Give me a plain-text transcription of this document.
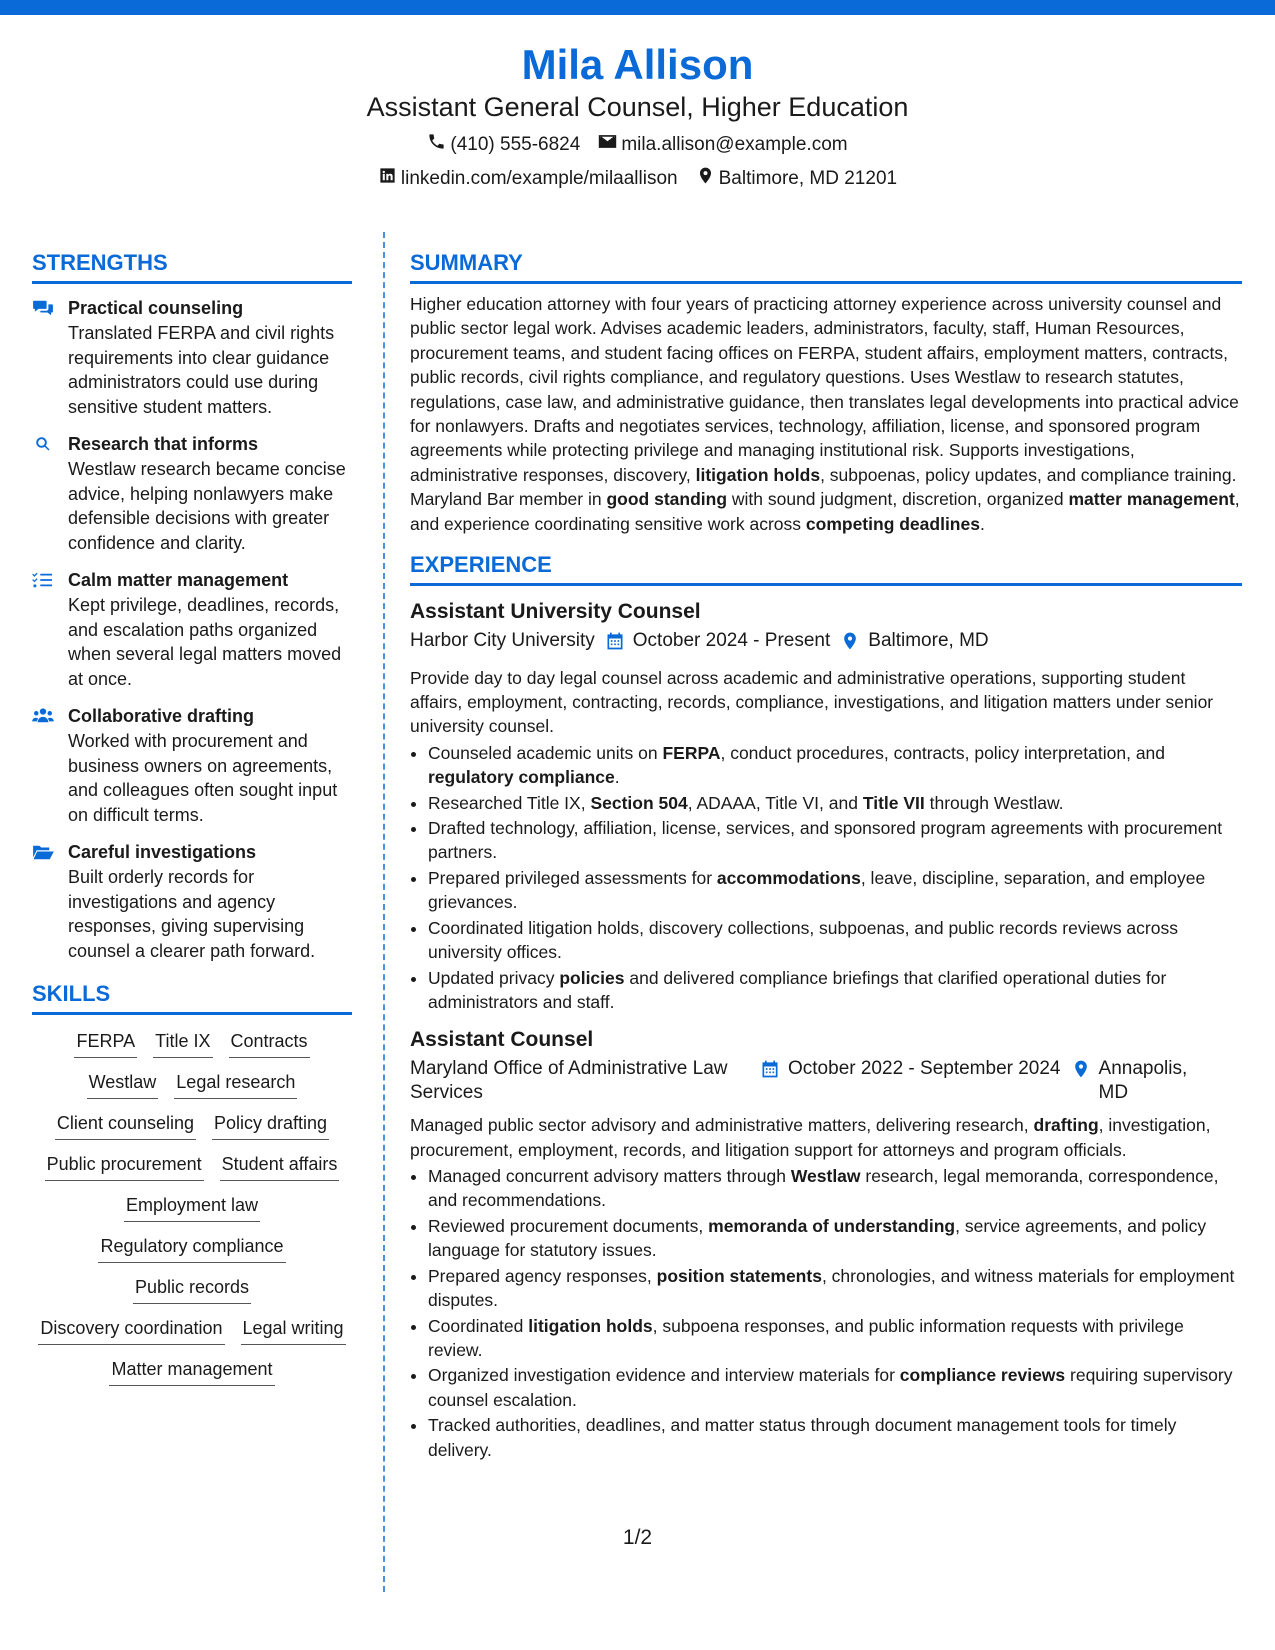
Mila Allison
Assistant General Counsel, Higher Education
(410) 555-6824 mila.allison@example.com
linkedin.com/example/milaallison Baltimore, MD 21201
STRENGTHS
Practical counseling
Translated FERPA and civil rights requirements into clear guidance administrators could use during sensitive student matters.
Research that informs
Westlaw research became concise advice, helping nonlawyers make defensible decisions with greater confidence and clarity.
Calm matter management
Kept privilege, deadlines, records, and escalation paths organized when several legal matters moved at once.
Collaborative drafting
Worked with procurement and business owners on agreements, and colleagues often sought input on difficult terms.
Careful investigations
Built orderly records for investigations and agency responses, giving supervising counsel a clearer path forward.
SKILLS
FERPA Title IX Contracts
Westlaw Legal research
Client counseling Policy drafting
Public procurement Student affairs
Employment law
Regulatory compliance
Public records
Discovery coordination Legal writing
Matter management
SUMMARY

Higher education attorney with four years of practicing attorney experience across university counsel and public sector legal work. Advises academic leaders, administrators, faculty, staff, Human Resources, procurement teams, and student facing offices on FERPA, student affairs, employment matters, contracts, public records, civil rights compliance, and regulatory questions. Uses Westlaw to research statutes, regulations, case law, and administrative guidance, then translates legal developments into practical advice for nonlawyers. Drafts and negotiates services, technology, affiliation, license, and sponsored program agreements while protecting privilege and managing institutional risk. Supports investigations, administrative responses, discovery, litigation holds, subpoenas, policy updates, and compliance training. Maryland Bar member in good standing with sound judgment, discretion, organized matter management, and experience coordinating sensitive work across competing deadlines.

EXPERIENCE
Assistant University Counsel
Harbor City University October 2024 - Present Baltimore, MD

Provide day to day legal counsel across academic and administrative operations, supporting student affairs, employment, contracting, records, compliance, investigations, and litigation matters under senior university counsel.

• Counseled academic units on FERPA, conduct procedures, contracts, policy interpretation, and regulatory compliance.
• Researched Title IX, Section 504, ADAAA, Title VI, and Title VII through Westlaw.
• Drafted technology, affiliation, license, services, and sponsored program agreements with procurement partners.
• Prepared privileged assessments for accommodations, leave, discipline, separation, and employee grievances.
• Coordinated litigation holds, discovery collections, subpoenas, and public records reviews across university offices.
• Updated privacy policies and delivered compliance briefings that clarified operational duties for administrators and staff.
Assistant Counsel
Maryland Office of Administrative Law Services
October 2022 - September 2024 Annapolis, MD

Managed public sector advisory and administrative matters, delivering research, drafting, investigation, procurement, employment, records, and litigation support for attorneys and program officials.

• Managed concurrent advisory matters through Westlaw research, legal memoranda, correspondence, and recommendations.
• Reviewed procurement documents, memoranda of understanding, service agreements, and policy language for statutory issues.
• Prepared agency responses, position statements, chronologies, and witness materials for employment disputes.
• Coordinated litigation holds, subpoena responses, and public information requests with privilege review.
• Organized investigation evidence and interview materials for compliance reviews requiring supervisory counsel escalation.
• Tracked authorities, deadlines, and matter status through document management tools for timely delivery.
1/2
